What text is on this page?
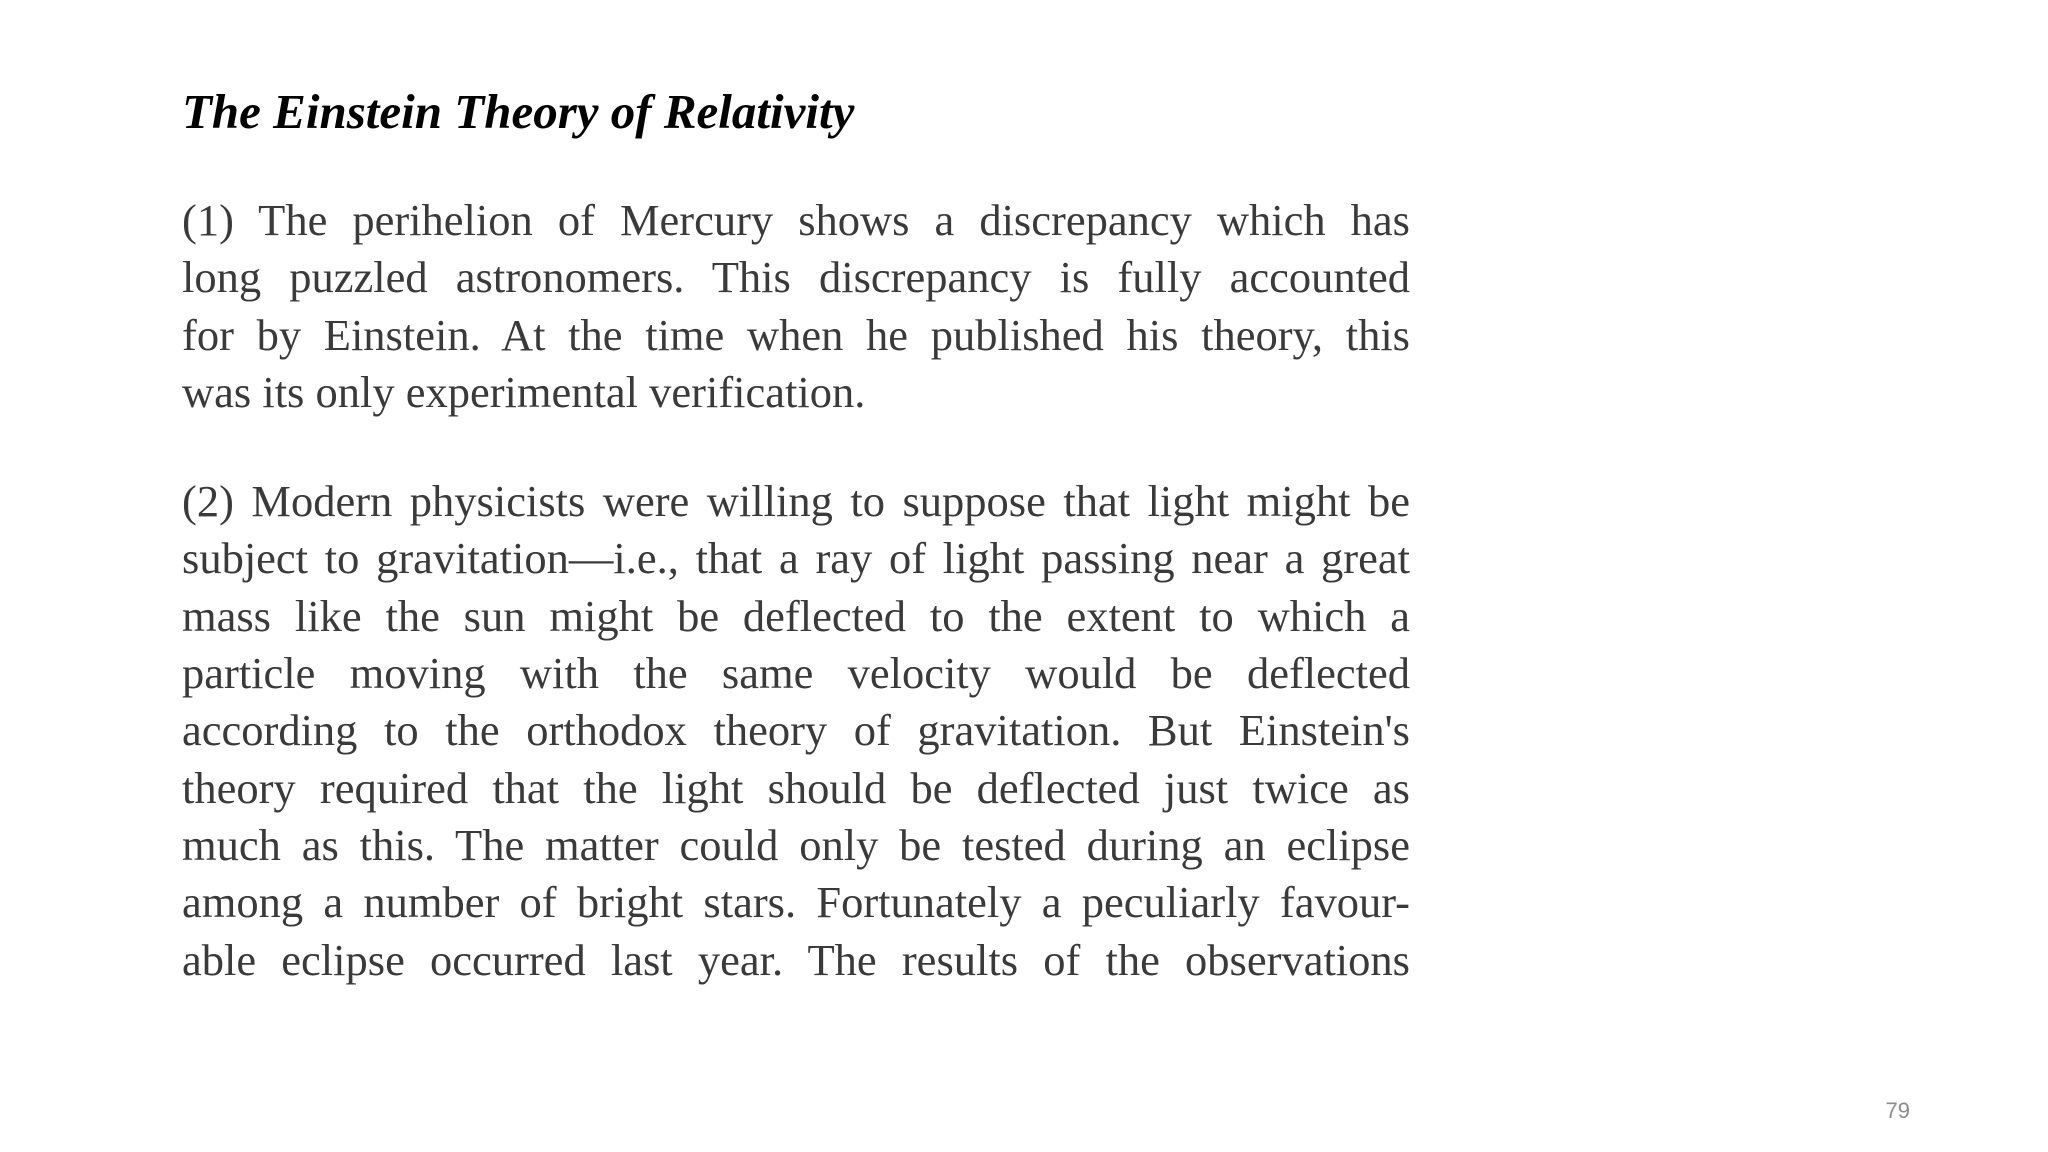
The Einstein Theory of Relativity
(1) The perihelion of Mercury shows a discrepancy which has
long puzzled astronomers. This discrepancy is fully accounted
for by Einstein. At the time when he published his theory, this
was its only experimental verification.
(2) Modern physicists were willing to suppose that light might be
subject to gravitation—i.e., that a ray of light passing near a great
mass like the sun might be deflected to the extent to which a
particle moving with the same velocity would be deflected
according to the orthodox theory of gravitation. But Einstein's
theory required that the light should be deflected just twice as
much as this. The matter could only be tested during an eclipse
among a number of bright stars. Fortunately a peculiarly favour-
able eclipse occurred last year. The results of the observations
79
